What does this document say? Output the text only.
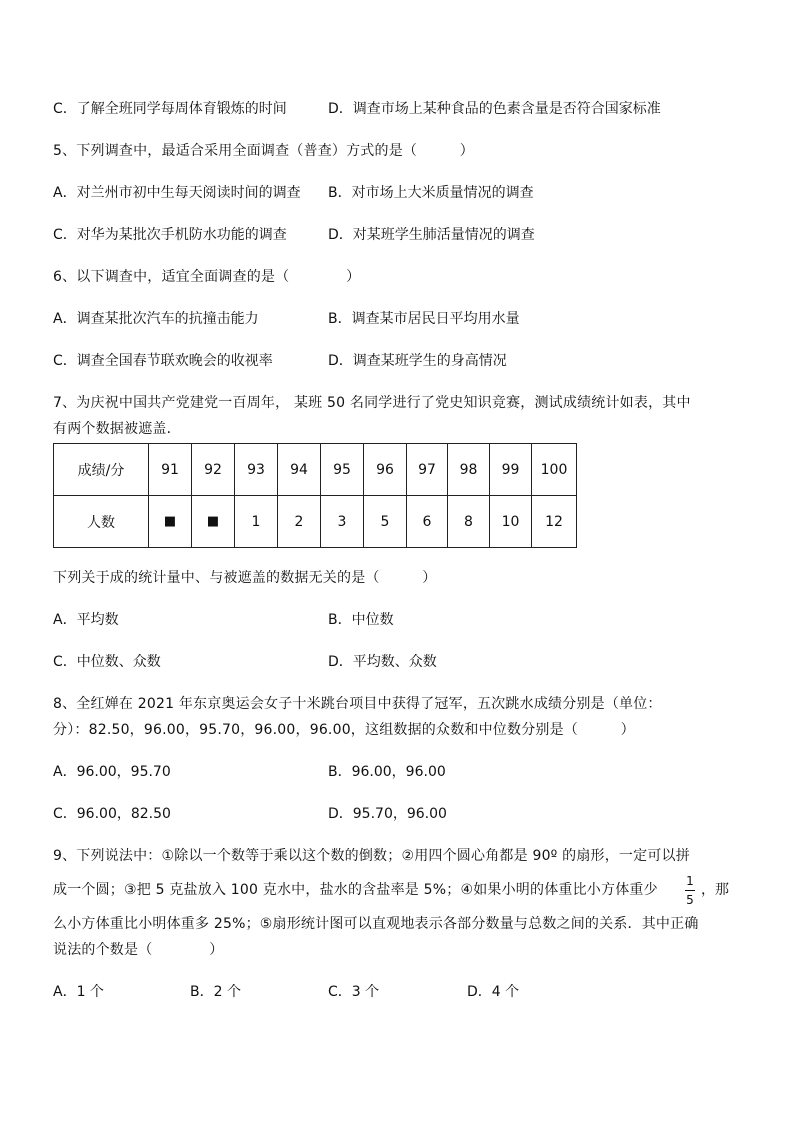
C．了解全班同学每周体育锻炼的时间	D．调查市场上某种食品的色素含量是否符合国家标准
5、下列调查中，最适合采用全面调查（普查）方式的是（　　　）
A．对兰州市初中生每天阅读时间的调查 B．对市场上大米质量情况的调查
C．对华为某批次手机防水功能的调查	D．对某班学生肺活量情况的调查
6、以下调查中，适宜全面调查的是（　　　　）
A．调查某批次汽车的抗撞击能力	B．调查某市居民日平均用水量
C．调查全国春节联欢晚会的收视率	D．调查某班学生的身高情况
7、为庆祝中国共产党建党一百周年， 某班 50 名同学进行了党史知识竞赛，测试成绩统计如表，其中
有两个数据被遮盖．
成绩/分	91	92	93	94	95	96	97	98	99	100
人数	■	■	1	2	3	5	6	8	10	12
下列关于成的统计量中、与被遮盖的数据无关的是（　　　）
A．平均数	B．中位数
C．中位数、众数	D．平均数、众数
8、全红婵在 2021 年东京奥运会女子十米跳台项目中获得了冠军，五次跳水成绩分别是（单位：
分）：82.50，96.00，95.70，96.00，96.00，这组数据的众数和中位数分别是（　　　）
A．96.00，95.70	B．96.00，96.00
C．96.00，82.50	D．95.70，96.00
9、下列说法中：①除以一个数等于乘以这个数的倒数；②用四个圆心角都是 90º 的扇形，一定可以拼
成一个圆；③把 5 克盐放入 100 克水中，盐水的含盐率是 5%；④如果小明的体重比小方体重少
1
5
，那
么小方体重比小明体重多 25%；⑤扇形统计图可以直观地表示各部分数量与总数之间的关系．其中正确
说法的个数是（　　　　）
A．1 个	B．2 个	C．3 个	D．4 个
